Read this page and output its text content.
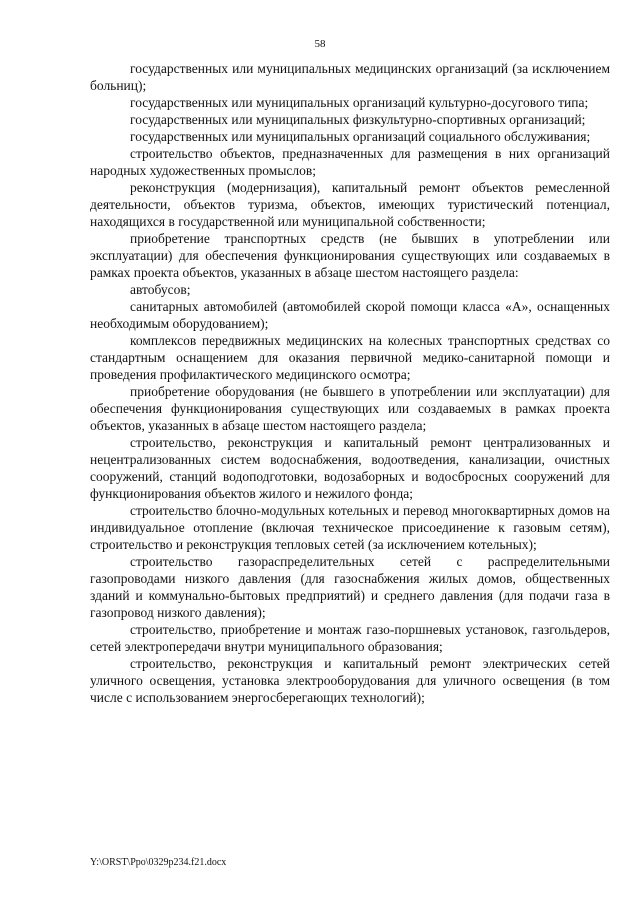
58

государственных или муниципальных медицинских организаций (за исключением больниц);

государственных или муниципальных организаций культурно-досугового типа;

государственных или муниципальных физкультурно-спортивных организаций;

государственных или муниципальных организаций социального обслуживания;

строительство объектов, предназначенных для размещения в них организаций народных художественных промыслов;

реконструкция (модернизация), капитальный ремонт объектов ремесленной деятельности, объектов туризма, объектов, имеющих туристический потенциал, находящихся в государственной или муниципальной собственности;

приобретение транспортных средств (не бывших в употреблении или эксплуатации) для обеспечения функционирования существующих или создаваемых в рамках проекта объектов, указанных в абзаце шестом настоящего раздела:

автобусов;

санитарных автомобилей (автомобилей скорой помощи класса «А», оснащенных необходимым оборудованием);

комплексов передвижных медицинских на колесных транспортных средствах со стандартным оснащением для оказания первичной медико-санитарной помощи и проведения профилактического медицинского осмотра;

приобретение оборудования (не бывшего в употреблении или эксплуатации) для обеспечения функционирования существующих или создаваемых в рамках проекта объектов, указанных в абзаце шестом настоящего раздела;

строительство, реконструкция и капитальный ремонт централизованных и нецентрализованных систем водоснабжения, водоотведения, канализации, очистных сооружений, станций водоподготовки, водозаборных и водосбросных сооружений для функционирования объектов жилого и нежилого фонда;

строительство блочно-модульных котельных и перевод многоквартирных домов на индивидуальное отопление (включая техническое присоединение к газовым сетям), строительство и реконструкция тепловых сетей (за исключением котельных);

строительство газораспределительных сетей с распределительными газопроводами низкого давления (для газоснабжения жилых домов, общественных зданий и коммунально-бытовых предприятий) и среднего давления (для подачи газа в газопровод низкого давления);

строительство, приобретение и монтаж газо-поршневых установок, газгольдеров, сетей электропередачи внутри муниципального образования;

строительство, реконструкция и капитальный ремонт электрических сетей уличного освещения, установка электрооборудования для уличного освещения (в том числе с использованием энергосберегающих технологий);

Y:\ORST\Ppo\0329p234.f21.docx
